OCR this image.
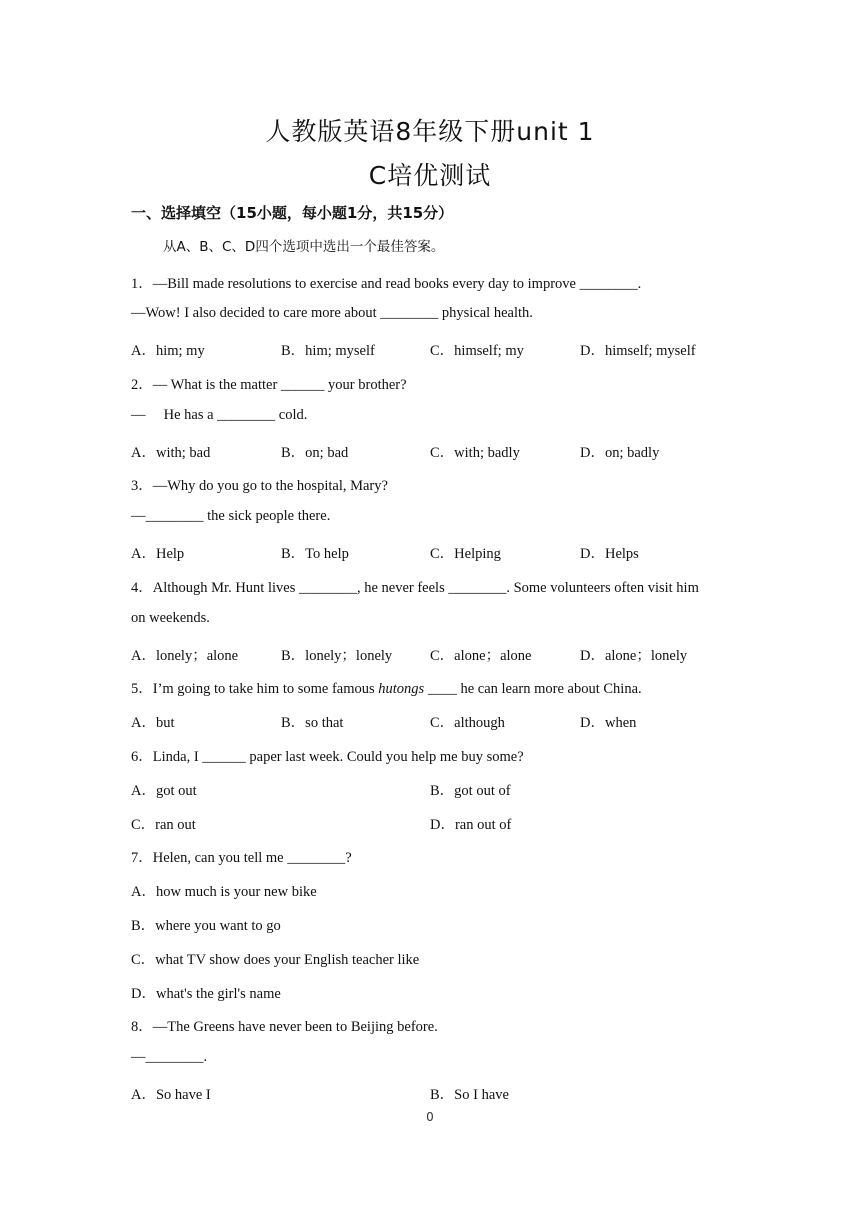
人教版英语8年级下册unit 1
C培优测试
一、选择填空（15小题，每小题1分，共15分）
从A、B、C、D四个选项中选出一个最佳答案。
1．—Bill made resolutions to exercise and read books every day to improve ________.
—Wow! I also decided to care more about ________ physical health.
A．him; my	B．him; myself	C．himself; my	D．himself; myself
2．— What is the matter ______ your brother?
—     He has a ________ cold.
A．with; bad	B．on; bad	C．with; badly	D．on; badly
3．—Why do you go to the hospital, Mary?
—________ the sick people there.
A．Help	B．To help	C．Helping	D．Helps
4．Although Mr. Hunt lives ________, he never feels ________. Some volunteers often visit him
on weekends.
A．lonely；alone	B．lonely；lonely	C．alone；alone	D．alone；lonely
5．I’m going to take him to some famous hutongs ____ he can learn more about China.
A．but	B．so that	C．although	D．when
6．Linda, I ______ paper last week. Could you help me buy some?
A．got out	B．got out of
C．ran out	D．ran out of
7．Helen, can you tell me ________?
A．how much is your new bike
B．where you want to go
C．what TV show does your English teacher like
D．what's the girl's name
8．—The Greens have never been to Beijing before.
—________.
A．So have I	B．So I have
0
